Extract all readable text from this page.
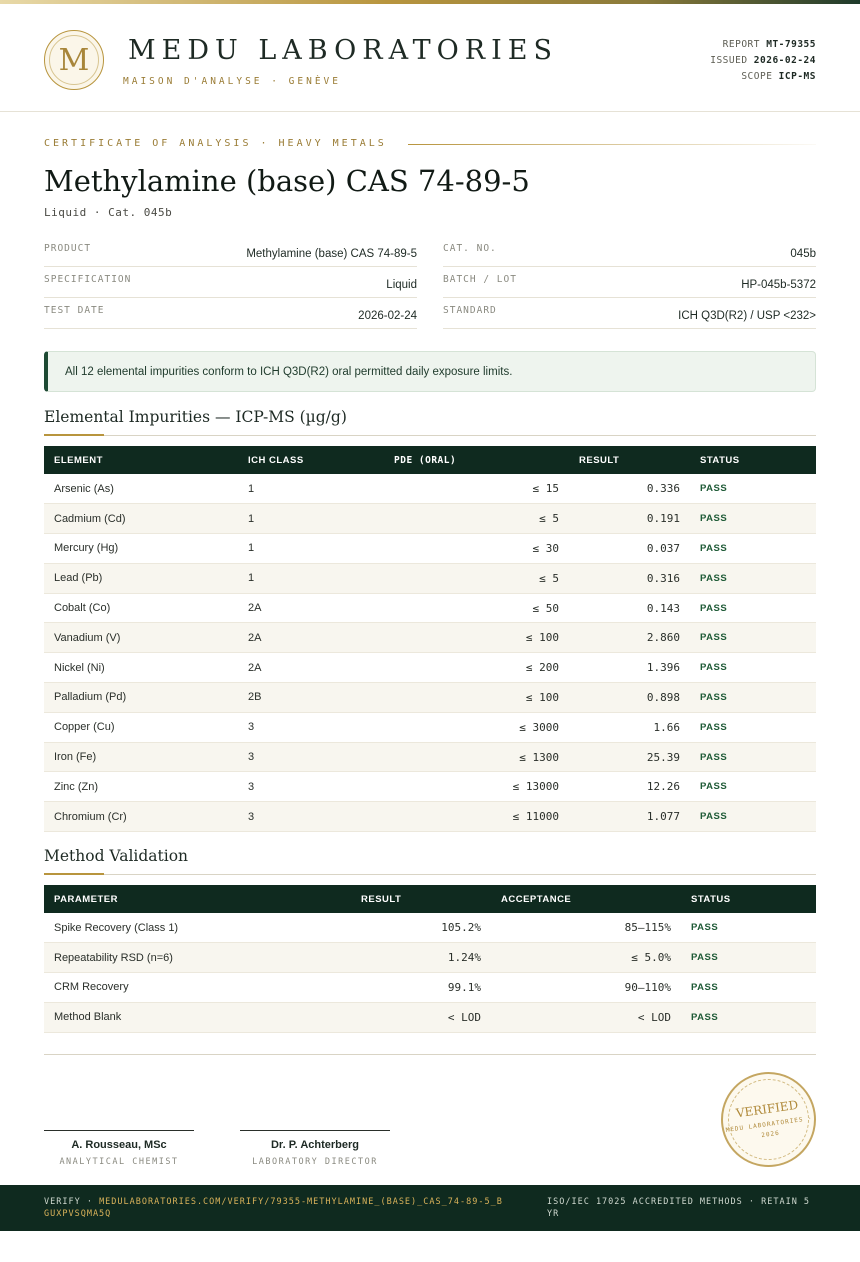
M MEDU LABORATORIES
MAISON D'ANALYSE · GENÈVE
REPORT MT-79355
ISSUED 2026-02-24
SCOPE ICP-MS
CERTIFICATE OF ANALYSIS · HEAVY METALS
Methylamine (base) CAS 74-89-5
Liquid · Cat. 045b
PRODUCT	Methylamine (base) CAS 74-89-5
SPECIFICATION	Liquid
TEST DATE	2026-02-24
CAT. NO.	045b
BATCH / LOT	HP-045b-5372
STANDARD	ICH Q3D(R2) / USP <232>
All 12 elemental impurities conform to ICH Q3D(R2) oral permitted daily exposure limits.
Elemental Impurities — ICP-MS (µg/g)
ELEMENT	ICH CLASS	PDE (ORAL)	RESULT	STATUS
Arsenic (As)	1	≤ 15	0.336	PASS
Cadmium (Cd)	1	≤ 5	0.191	PASS
Mercury (Hg)	1	≤ 30	0.037	PASS
Lead (Pb)	1	≤ 5	0.316	PASS
Cobalt (Co)	2A	≤ 50	0.143	PASS
Vanadium (V)	2A	≤ 100	2.860	PASS
Nickel (Ni)	2A	≤ 200	1.396	PASS
Palladium (Pd)	2B	≤ 100	0.898	PASS
Copper (Cu)	3	≤ 3000	1.66	PASS
Iron (Fe)	3	≤ 1300	25.39	PASS
Zinc (Zn)	3	≤ 13000	12.26	PASS
Chromium (Cr)	3	≤ 11000	1.077	PASS
Method Validation
PARAMETER	RESULT	ACCEPTANCE	STATUS
Spike Recovery (Class 1)	105.2%	85–115%	PASS
Repeatability RSD (n=6)	1.24%	≤ 5.0%	PASS
CRM Recovery	99.1%	90–110%	PASS
Method Blank	< LOD	< LOD	PASS
A. Rousseau, MSc
ANALYTICAL CHEMIST
Dr. P. Achterberg
LABORATORY DIRECTOR
VERIFIED
MEDU LABORATORIES · 2026
VERIFY · MEDULABORATORIES.COM/VERIFY/79355-METHYLAMINE_(BASE)_CAS_74-89-5_BGUXPVSQMA5Q
ISO/IEC 17025 ACCREDITED METHODS · RETAIN 5 YR
